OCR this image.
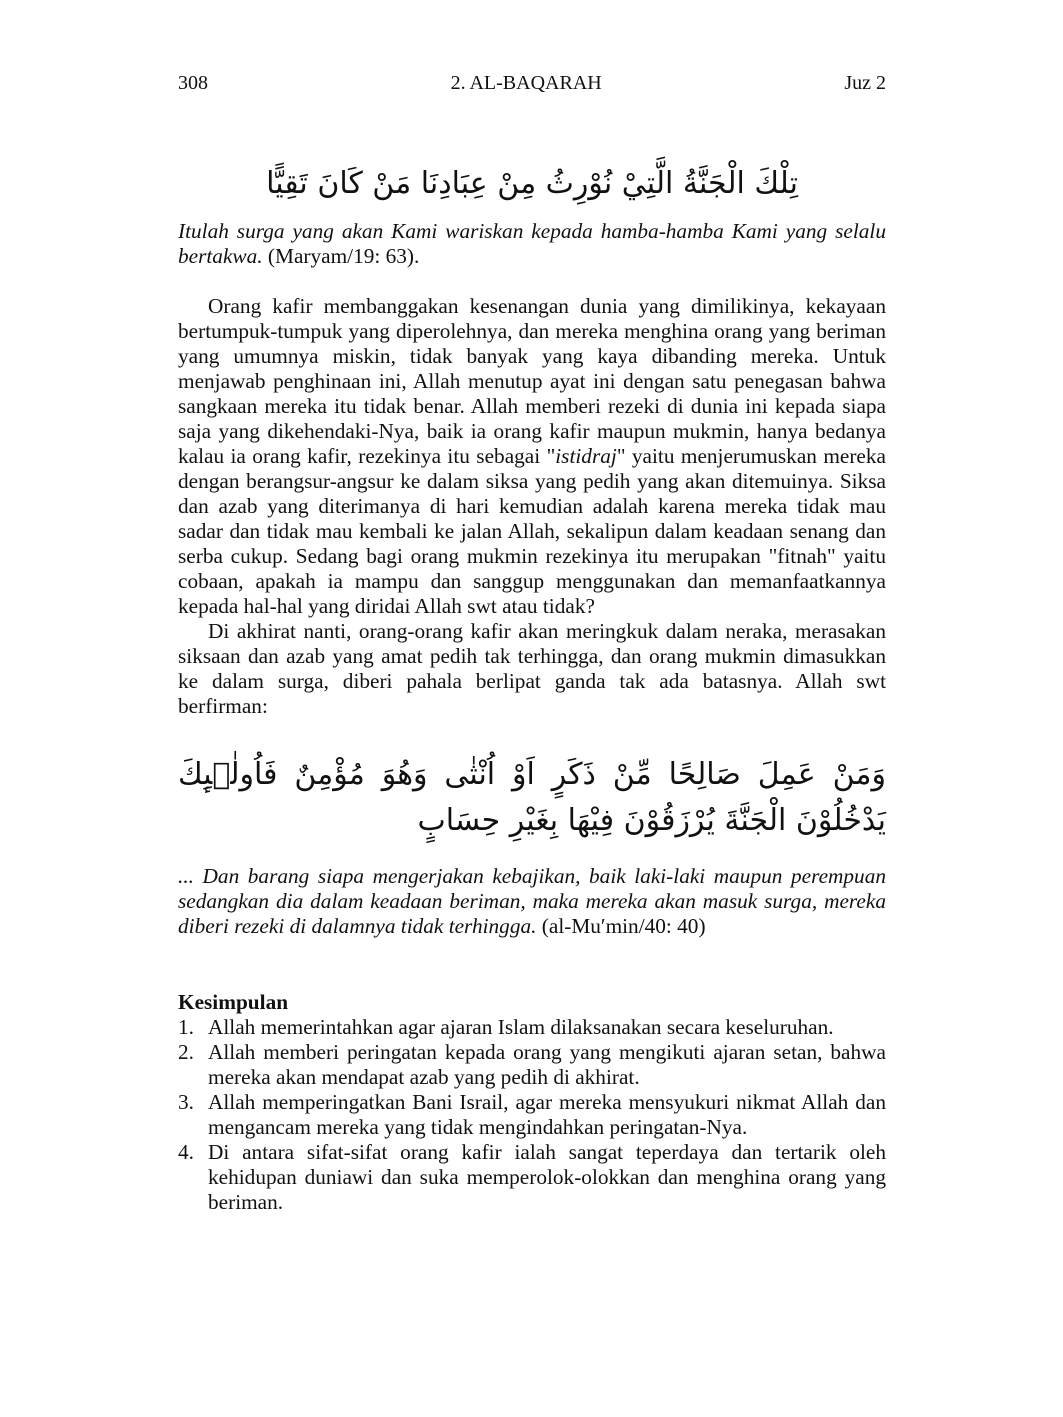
308	2. AL-BAQARAH	Juz 2
تِلْكَ الْجَنَّةُ الَّتِيْ نُوْرِثُ مِنْ عِبَادِنَا مَنْ كَانَ تَقِيًّا
Itulah surga yang akan Kami wariskan kepada hamba-hamba Kami yang selalu bertakwa. (Maryam/19: 63).

Orang kafir membanggakan kesenangan dunia yang dimilikinya, kekayaan bertumpuk-tumpuk yang diperolehnya, dan mereka menghina orang yang beriman yang umumnya miskin, tidak banyak yang kaya dibanding mereka. Untuk menjawab penghinaan ini, Allah menutup ayat ini dengan satu penegasan bahwa sangkaan mereka itu tidak benar. Allah memberi rezeki di dunia ini kepada siapa saja yang dikehendaki-Nya, baik ia orang kafir maupun mukmin, hanya bedanya kalau ia orang kafir, rezekinya itu sebagai "istidraj" yaitu menjerumuskan mereka dengan berangsur-angsur ke dalam siksa yang pedih yang akan ditemuinya. Siksa dan azab yang diterimanya di hari kemudian adalah karena mereka tidak mau sadar dan tidak mau kembali ke jalan Allah, sekalipun dalam keadaan senang dan serba cukup. Sedang bagi orang mukmin rezekinya itu merupakan "fitnah" yaitu cobaan, apakah ia mampu dan sanggup menggunakan dan memanfaatkannya kepada hal-hal yang diridai Allah swt atau tidak?

Di akhirat nanti, orang-orang kafir akan meringkuk dalam neraka, merasakan siksaan dan azab yang amat pedih tak terhingga, dan orang mukmin dimasukkan ke dalam surga, diberi pahala berlipat ganda tak ada batasnya. Allah swt berfirman:

وَمَنْ عَمِلَ صَالِحًا مِّنْ ذَكَرٍ اَوْ اُنْثٰى وَهُوَ مُؤْمِنٌ فَاُولٰۤىِٕكَ يَدْخُلُوْنَ الْجَنَّةَ يُرْزَقُوْنَ فِيْهَا بِغَيْرِ حِسَابٍ
... Dan barang siapa mengerjakan kebajikan, baik laki-laki maupun perempuan sedangkan dia dalam keadaan beriman, maka mereka akan masuk surga, mereka diberi rezeki di dalamnya tidak terhingga. (al-Mu′min/40: 40)
Kesimpulan
1. Allah memerintahkan agar ajaran Islam dilaksanakan secara keseluruhan.
2. Allah memberi peringatan kepada orang yang mengikuti ajaran setan, bahwa mereka akan mendapat azab yang pedih di akhirat.
3. Allah memperingatkan Bani Israil, agar mereka mensyukuri nikmat Allah dan mengancam mereka yang tidak mengindahkan peringatan-Nya.
4. Di antara sifat-sifat orang kafir ialah sangat teperdaya dan tertarik oleh kehidupan duniawi dan suka memperolok-olokkan dan menghina orang yang beriman.
